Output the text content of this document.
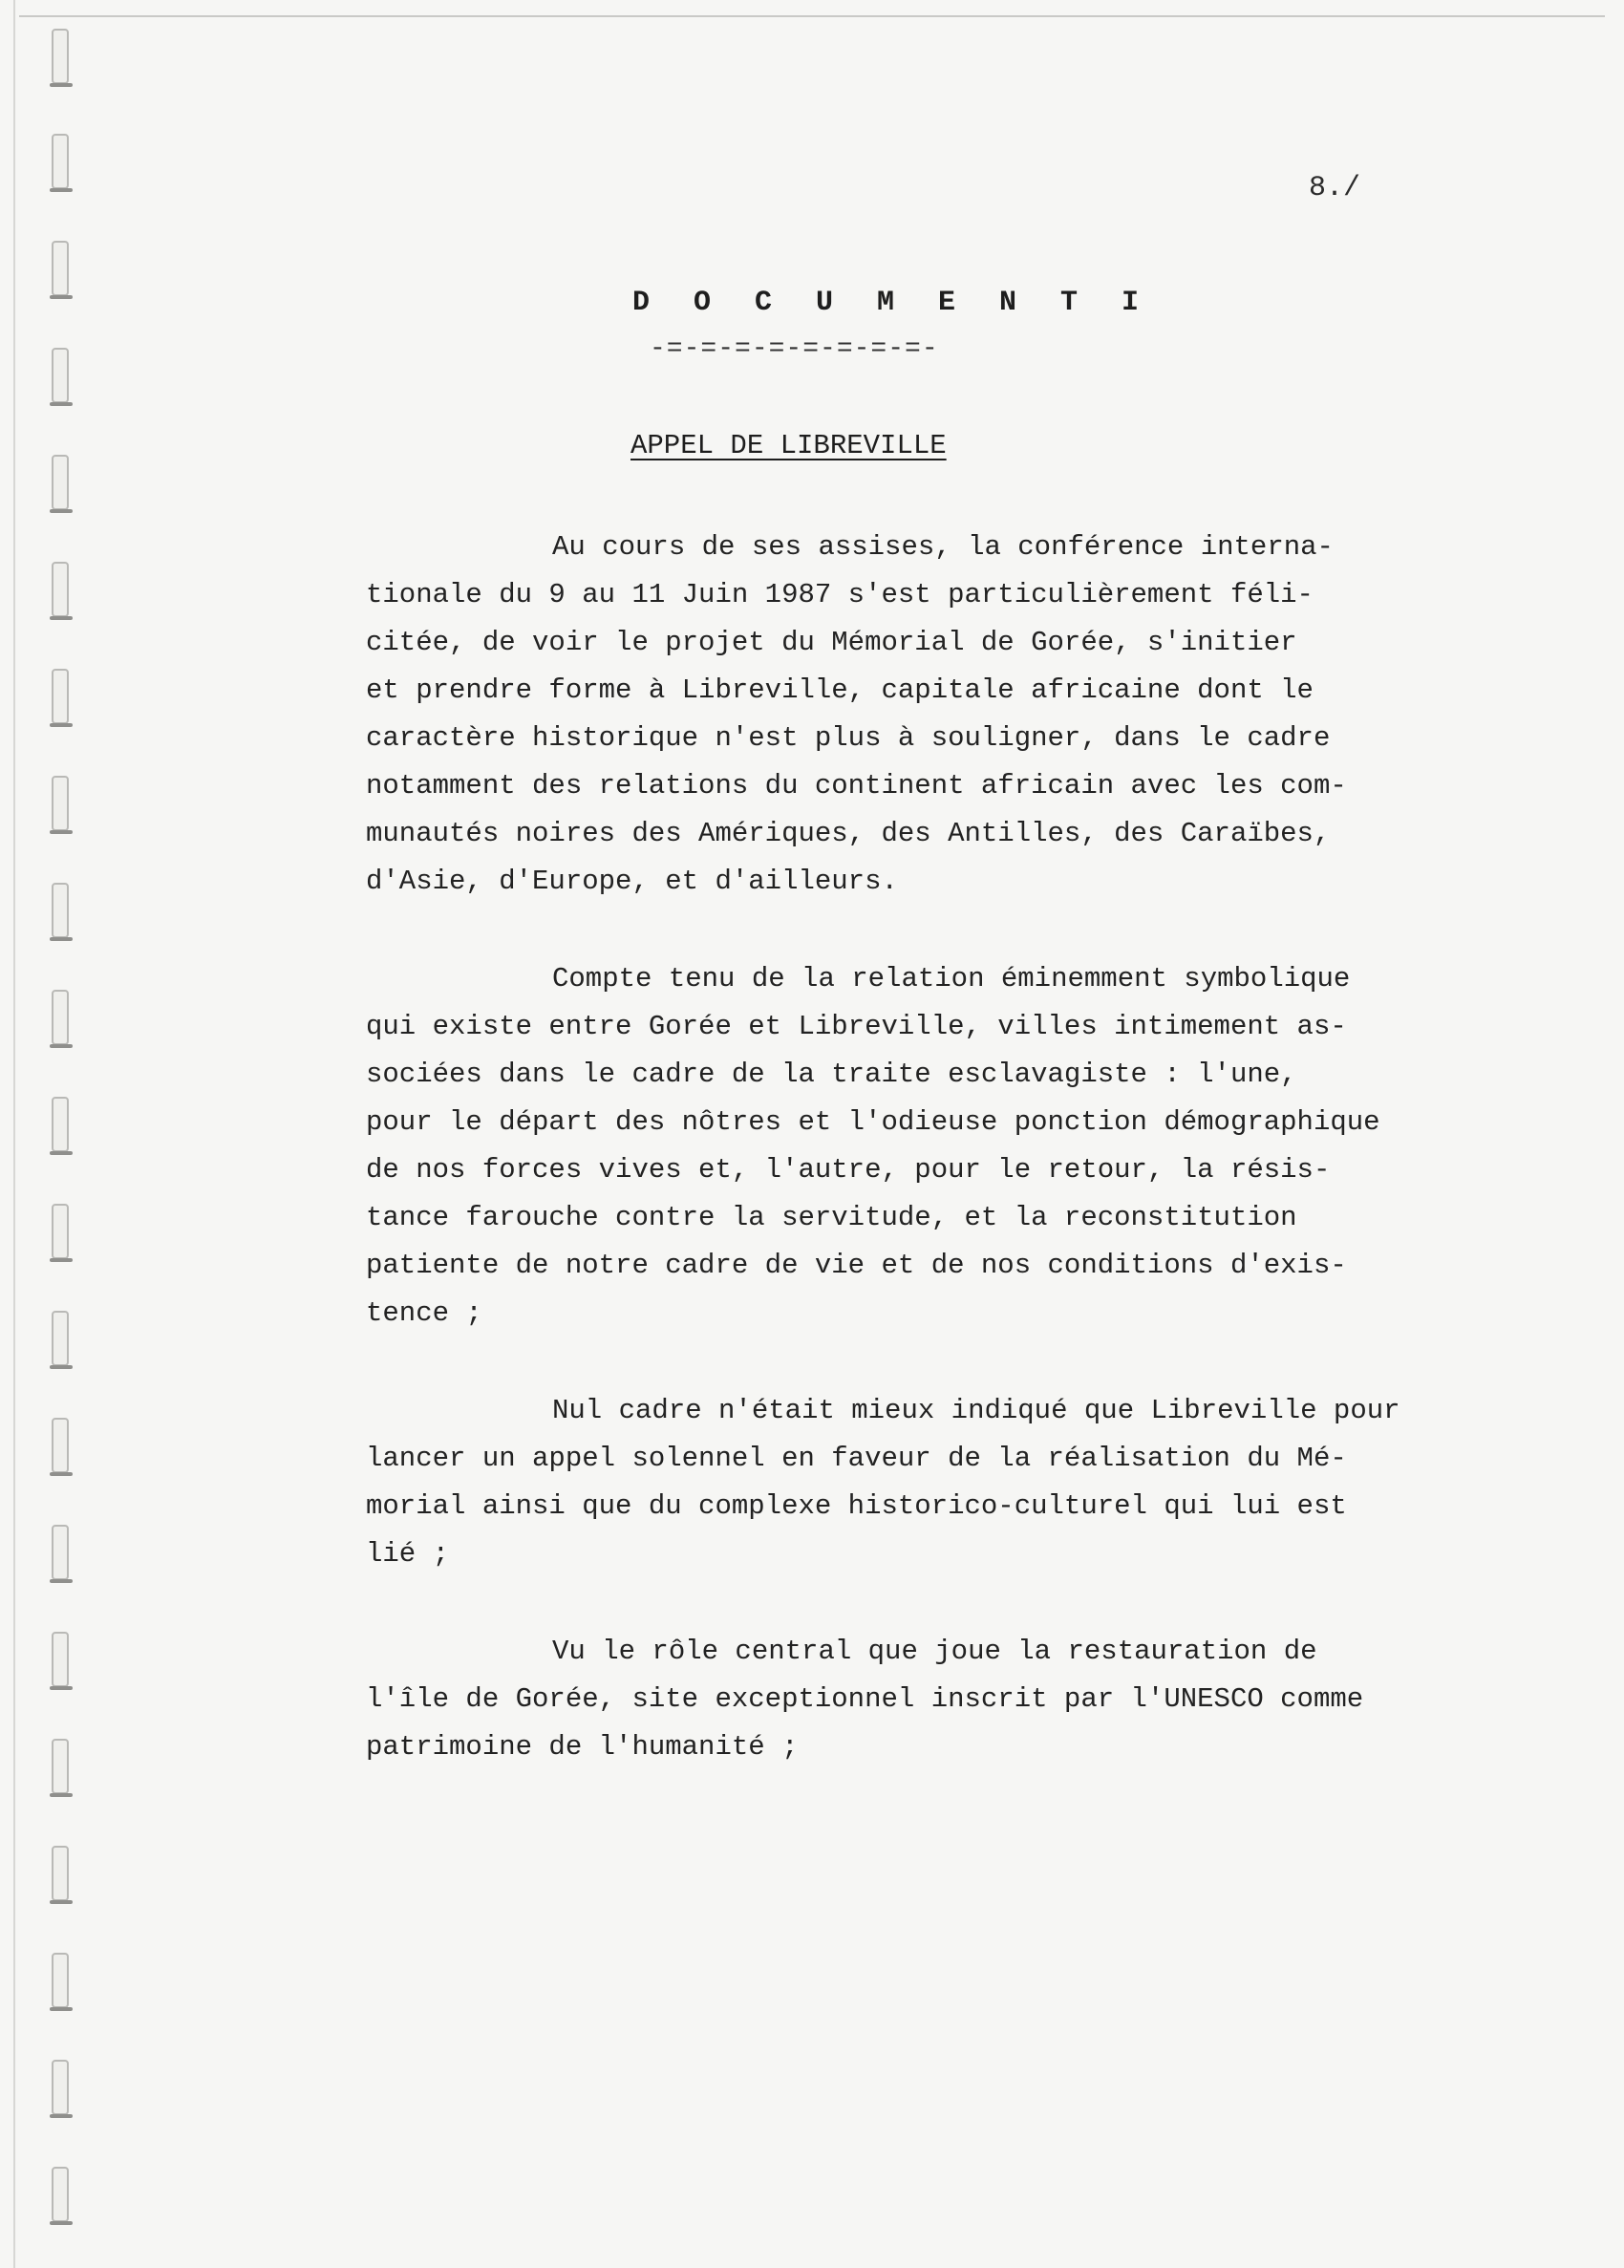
8./
D O C U M E N T I
-=-=-=-=-=-=-=-=-
APPEL DE LIBREVILLE
Au cours de ses assises, la conférence interna-
tionale du 9 au 11 Juin 1987 s'est particulièrement féli-
citée, de voir le projet du Mémorial de Gorée, s'initier
et prendre forme à Libreville, capitale africaine dont le
caractère historique n'est plus à souligner, dans le cadre
notamment des relations du continent africain avec les com-
munautés noires des Amériques, des Antilles, des Caraïbes,
d'Asie, d'Europe, et d'ailleurs.
Compte tenu de la relation éminemment symbolique
qui existe entre Gorée et Libreville, villes intimement as-
sociées dans le cadre de la traite esclavagiste : l'une,
pour le départ des nôtres et l'odieuse ponction démographique
de nos forces vives et, l'autre, pour le retour, la résis-
tance farouche contre la servitude, et la reconstitution
patiente de notre cadre de vie et de nos conditions d'exis-
tence ;
Nul cadre n'était mieux indiqué que Libreville pour
lancer un appel solennel en faveur de la réalisation du Mé-
morial ainsi que du complexe historico-culturel qui lui est
lié ;
Vu le rôle central que joue la restauration de
l'île de Gorée, site exceptionnel inscrit par l'UNESCO comme
patrimoine de l'humanité ;
